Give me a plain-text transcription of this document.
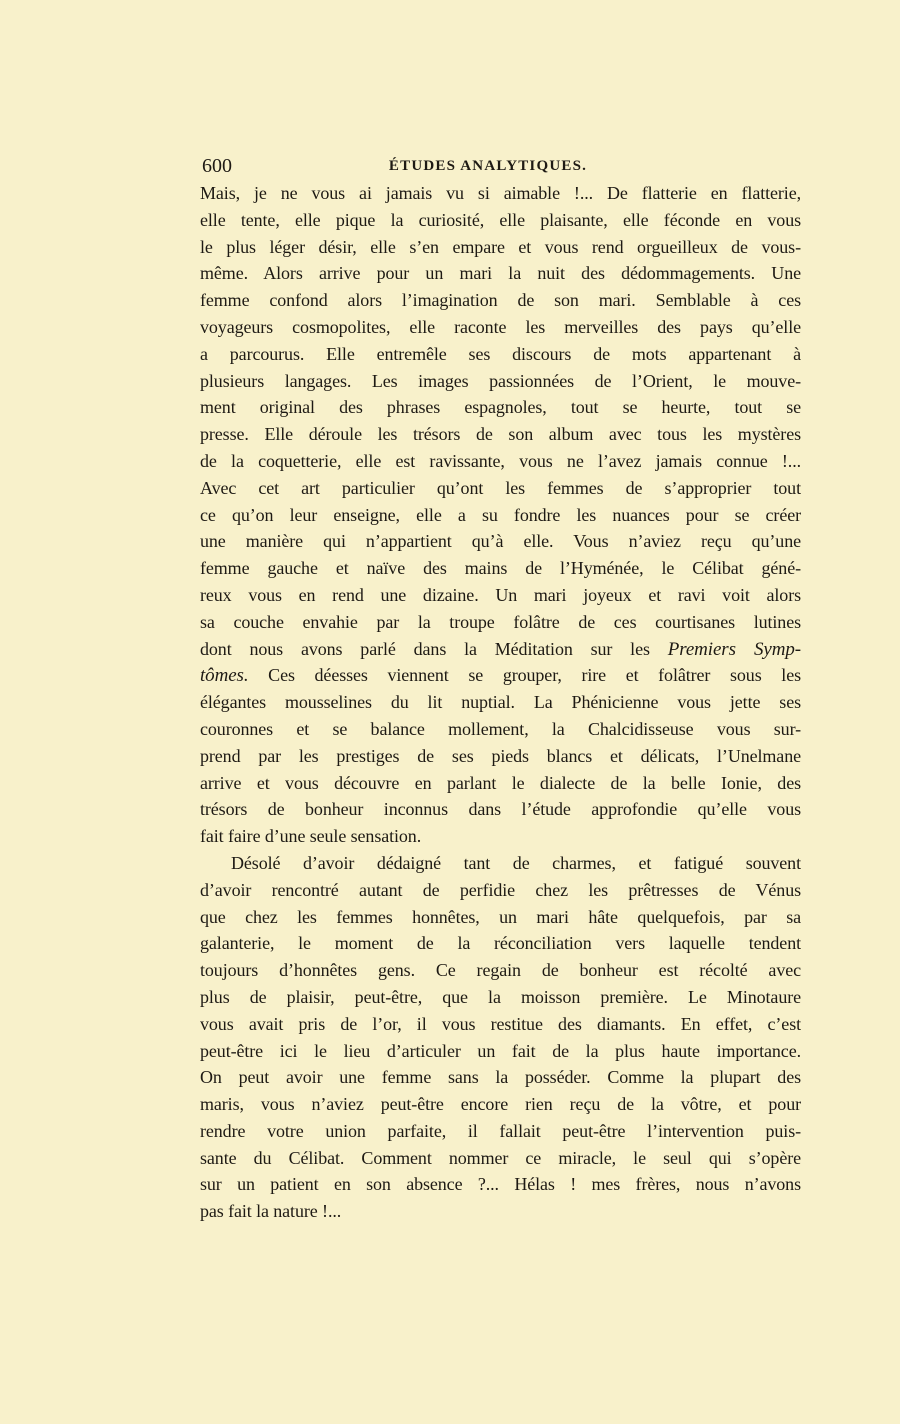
600	ÉTUDES ANALYTIQUES.
Mais, je ne vous ai jamais vu si aimable !... De flatterie en flatterie,
elle tente, elle pique la curiosité, elle plaisante, elle féconde en vous
le plus léger désir, elle s’en empare et vous rend orgueilleux de vous-
même. Alors arrive pour un mari la nuit des dédommagements. Une
femme confond alors l’imagination de son mari. Semblable à ces
voyageurs cosmopolites, elle raconte les merveilles des pays qu’elle
a parcourus. Elle entremêle ses discours de mots appartenant à
plusieurs langages. Les images passionnées de l’Orient, le mouve-
ment original des phrases espagnoles, tout se heurte, tout se
presse. Elle déroule les trésors de son album avec tous les mystères
de la coquetterie, elle est ravissante, vous ne l’avez jamais connue !...
Avec cet art particulier qu’ont les femmes de s’approprier tout
ce qu’on leur enseigne, elle a su fondre les nuances pour se créer
une manière qui n’appartient qu’à elle. Vous n’aviez reçu qu’une
femme gauche et naïve des mains de l’Hyménée, le Célibat géné-
reux vous en rend une dizaine. Un mari joyeux et ravi voit alors
sa couche envahie par la troupe folâtre de ces courtisanes lutines
dont nous avons parlé dans la Méditation sur les Premiers Symp-
tômes. Ces déesses viennent se grouper, rire et folâtrer sous les
élégantes mousselines du lit nuptial. La Phénicienne vous jette ses
couronnes et se balance mollement, la Chalcidisseuse vous sur-
prend par les prestiges de ses pieds blancs et délicats, l’Unelmane
arrive et vous découvre en parlant le dialecte de la belle Ionie, des
trésors de bonheur inconnus dans l’étude approfondie qu’elle vous
fait faire d’une seule sensation.
Désolé d’avoir dédaigné tant de charmes, et fatigué souvent
d’avoir rencontré autant de perfidie chez les prêtresses de Vénus
que chez les femmes honnêtes, un mari hâte quelquefois, par sa
galanterie, le moment de la réconciliation vers laquelle tendent
toujours d’honnêtes gens. Ce regain de bonheur est récolté avec
plus de plaisir, peut-être, que la moisson première. Le Minotaure
vous avait pris de l’or, il vous restitue des diamants. En effet, c’est
peut-être ici le lieu d’articuler un fait de la plus haute importance.
On peut avoir une femme sans la posséder. Comme la plupart des
maris, vous n’aviez peut-être encore rien reçu de la vôtre, et pour
rendre votre union parfaite, il fallait peut-être l’intervention puis-
sante du Célibat. Comment nommer ce miracle, le seul qui s’opère
sur un patient en son absence ?... Hélas ! mes frères, nous n’avons
pas fait la nature !...
